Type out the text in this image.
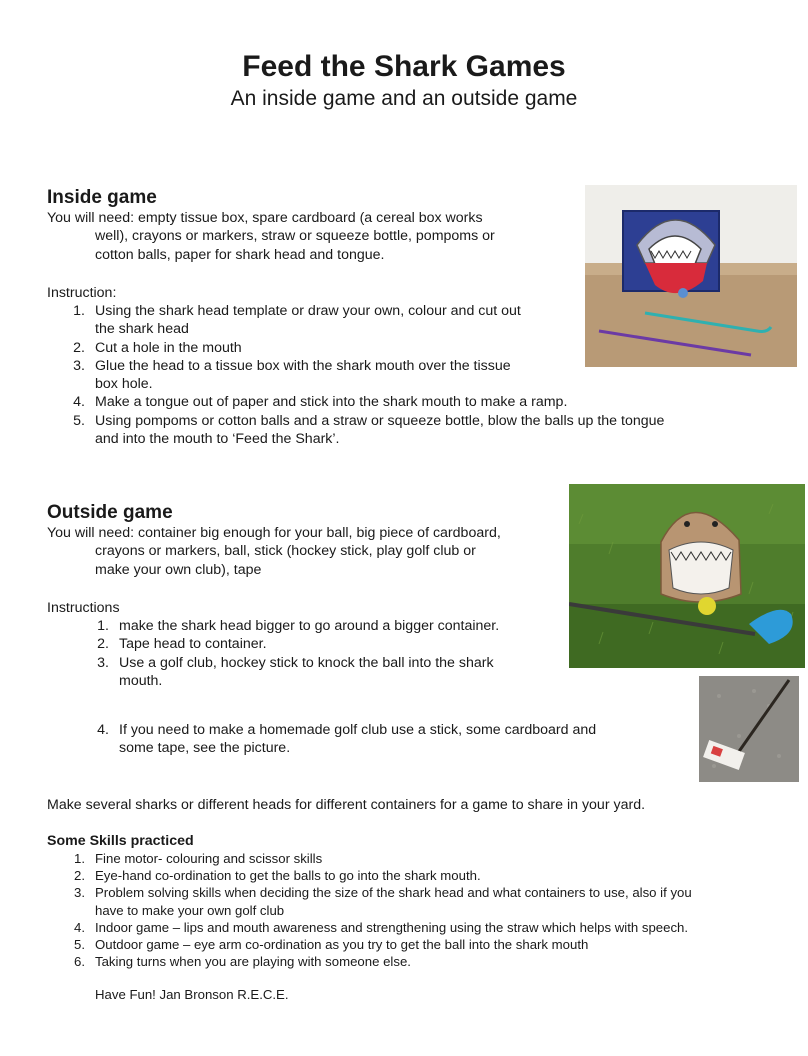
Feed the Shark Games
An inside game and an outside game
Inside game
You will need: empty tissue box, spare cardboard (a cereal box works
well), crayons or markers, straw or squeeze bottle, pompoms or
cotton balls, paper for shark head and tongue.
Instruction:
1. Using the shark head template or draw your own, colour and cut out
the shark head
2. Cut a hole in the mouth
3. Glue the head to a tissue box with the shark mouth over the tissue
box hole.
4. Make a tongue out of paper and stick into the shark mouth to make a ramp.
5. Using pompoms or cotton balls and a straw or squeeze bottle, blow the balls up the tongue
and into the mouth to ‘Feed the Shark’.
Outside game
You will need: container big enough for your ball, big piece of cardboard,
crayons or markers, ball, stick (hockey stick, play golf club or
make your own club), tape
Instructions
1. make the shark head bigger to go around a bigger container.
2. Tape head to container.
3. Use a golf club, hockey stick to knock the ball into the shark
mouth.
4. If you need to make a homemade golf club use a stick, some cardboard and
some tape, see the picture.
Make several sharks or different heads for different containers for a game to share in your yard.
Some Skills practiced
1. Fine motor- colouring and scissor skills
2. Eye-hand co-ordination to get the balls to go into the shark mouth.
3. Problem solving skills when deciding the size of the shark head and what containers to use, also if you
have to make your own golf club
4. Indoor game – lips and mouth awareness and strengthening using the straw which helps with speech.
5. Outdoor game – eye arm co-ordination as you try to get the ball into the shark mouth
6. Taking turns when you are playing with someone else.
Have Fun! Jan Bronson R.E.C.E.
